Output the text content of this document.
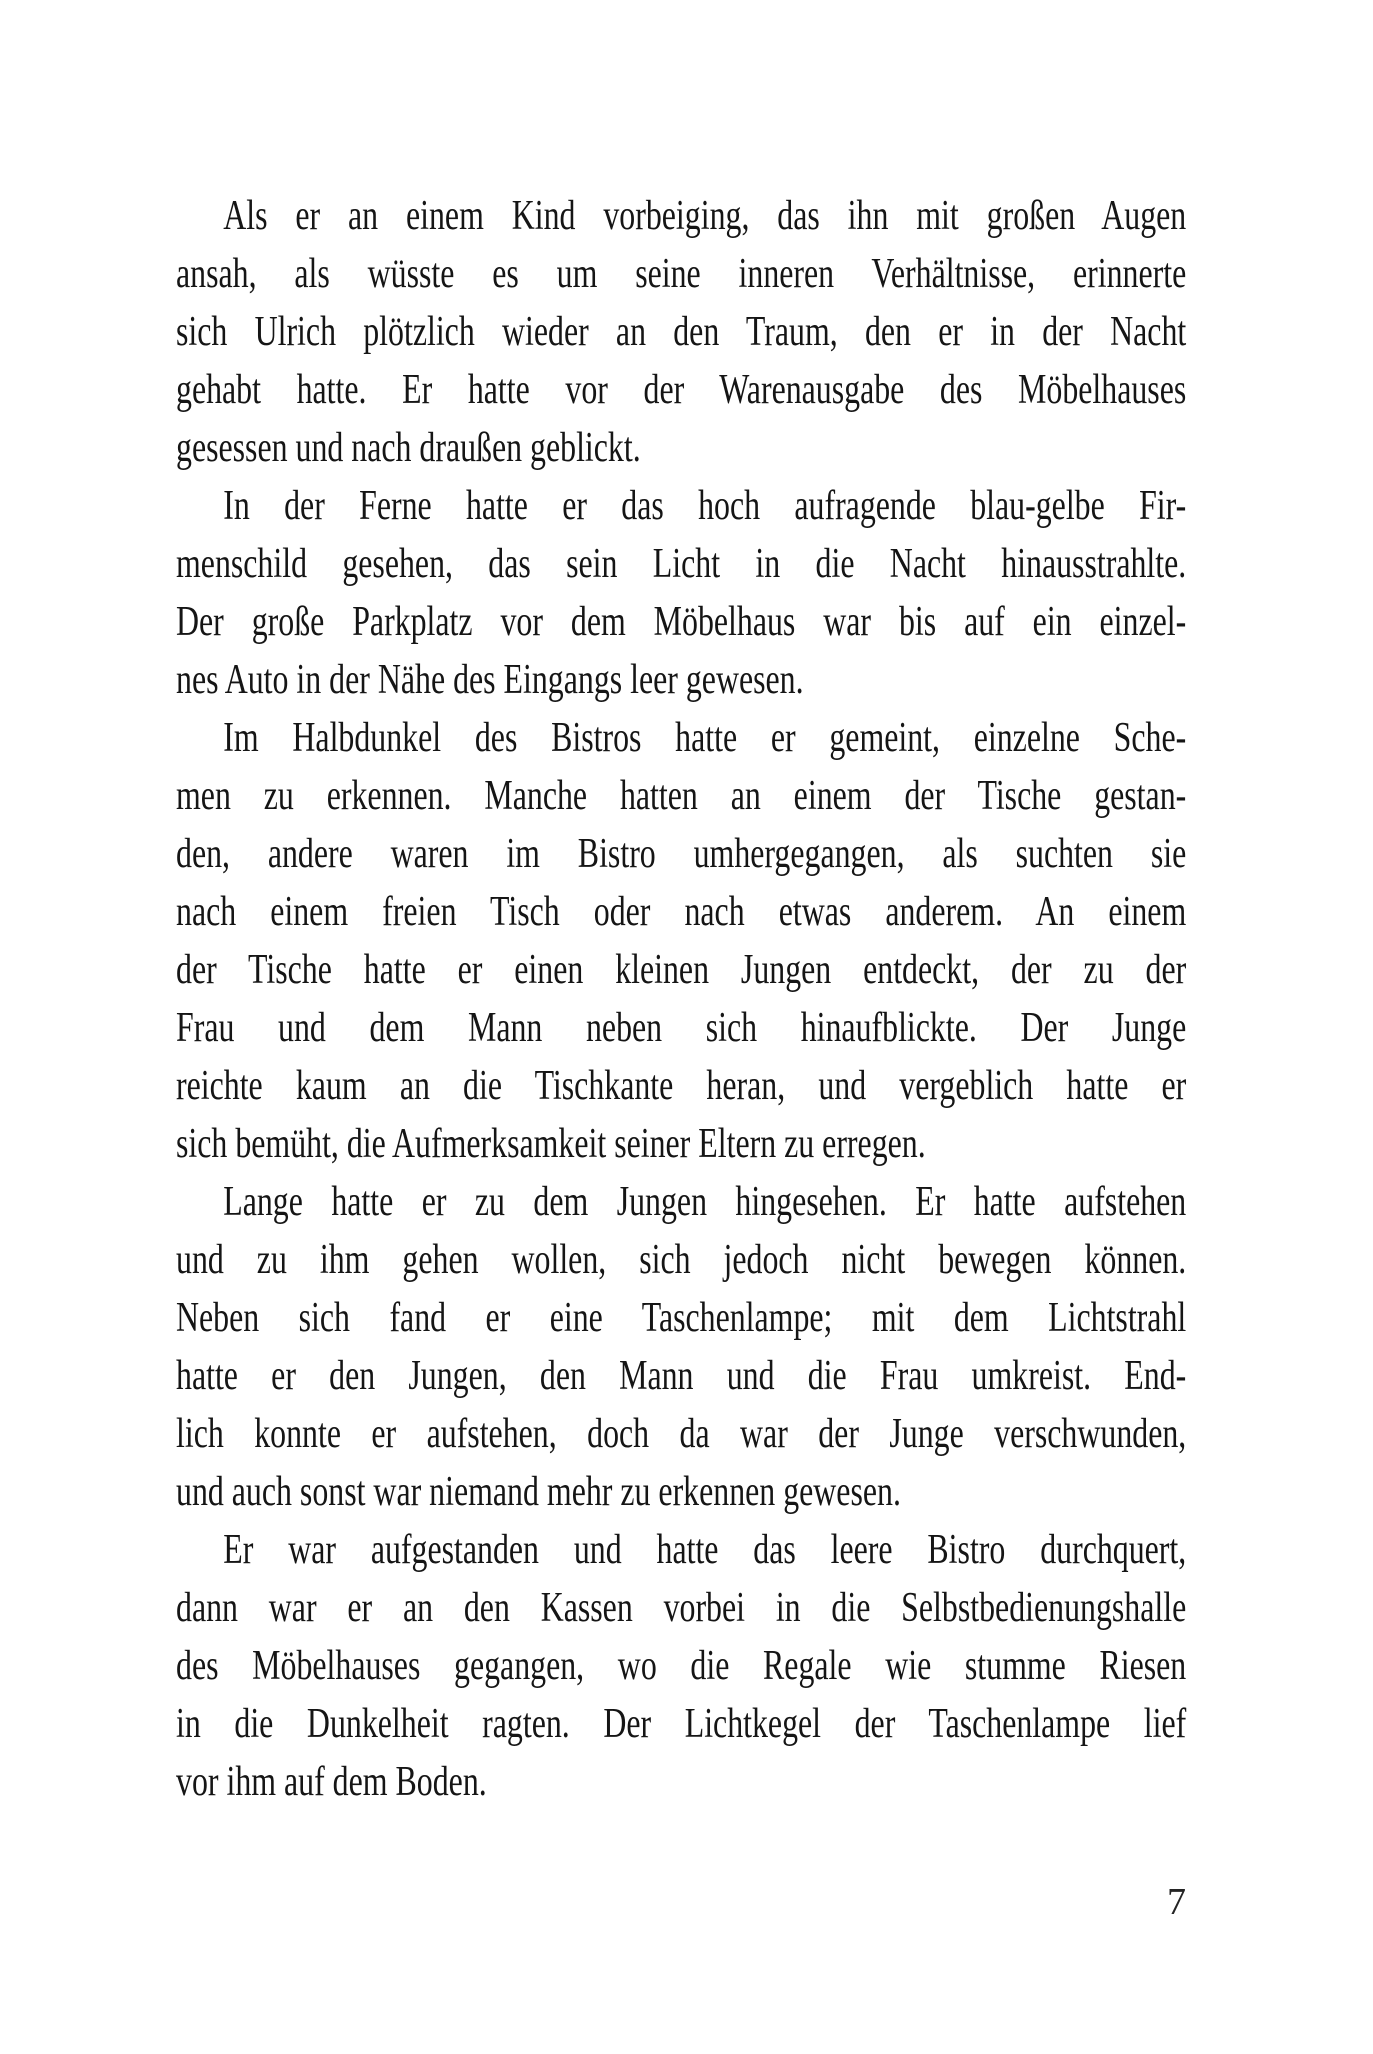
Als er an einem Kind vorbeiging, das ihn mit großen Augen

ansah, als wüsste es um seine inneren Verhältnisse, erinnerte

sich Ulrich plötzlich wieder an den Traum, den er in der Nacht

gehabt hatte. Er hatte vor der Warenausgabe des Möbelhauses

gesessen und nach draußen geblickt.

In der Ferne hatte er das hoch aufragende blau-gelbe Fir-

menschild gesehen, das sein Licht in die Nacht hinausstrahlte.

Der große Parkplatz vor dem Möbelhaus war bis auf ein einzel-

nes Auto in der Nähe des Eingangs leer gewesen.

Im Halbdunkel des Bistros hatte er gemeint, einzelne Sche-

men zu erkennen. Manche hatten an einem der Tische gestan-

den, andere waren im Bistro umhergegangen, als suchten sie

nach einem freien Tisch oder nach etwas anderem. An einem

der Tische hatte er einen kleinen Jungen entdeckt, der zu der

Frau und dem Mann neben sich hinaufblickte. Der Junge

reichte kaum an die Tischkante heran, und vergeblich hatte er

sich bemüht, die Aufmerksamkeit seiner Eltern zu erregen.

Lange hatte er zu dem Jungen hingesehen. Er hatte aufstehen

und zu ihm gehen wollen, sich jedoch nicht bewegen können.

Neben sich fand er eine Taschenlampe; mit dem Lichtstrahl

hatte er den Jungen, den Mann und die Frau umkreist. End-

lich konnte er aufstehen, doch da war der Junge verschwunden,

und auch sonst war niemand mehr zu erkennen gewesen.

Er war aufgestanden und hatte das leere Bistro durchquert,

dann war er an den Kassen vorbei in die Selbstbedienungshalle

des Möbelhauses gegangen, wo die Regale wie stumme Riesen

in die Dunkelheit ragten. Der Lichtkegel der Taschenlampe lief

vor ihm auf dem Boden.

7
